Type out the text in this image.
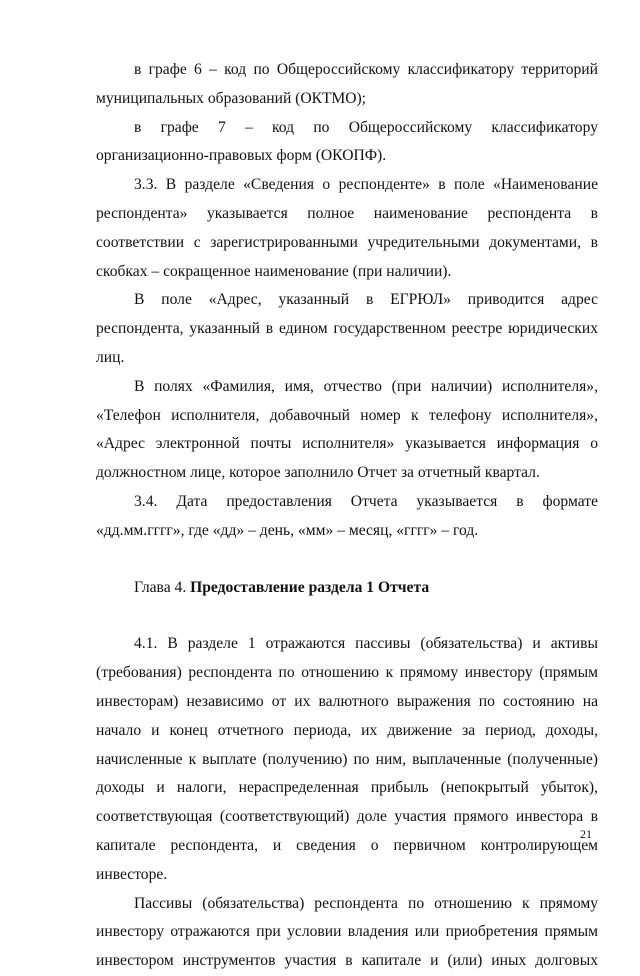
в графе 6 – код по Общероссийскому классификатору территорий муниципальных образований (ОКТМО);

в графе 7 – код по Общероссийскому классификатору организационно-правовых форм (ОКОПФ).

3.3. В разделе «Сведения о респонденте» в поле «Наименование респондента» указывается полное наименование респондента в соответствии с зарегистрированными учредительными документами, в скобках – сокращенное наименование (при наличии).

В поле «Адрес, указанный в ЕГРЮЛ» приводится адрес респондента, указанный в едином государственном реестре юридических лиц.

В полях «Фамилия, имя, отчество (при наличии) исполнителя», «Телефон исполнителя, добавочный номер к телефону исполнителя», «Адрес электронной почты исполнителя» указывается информация о должностном лице, которое заполнило Отчет за отчетный квартал.

3.4. Дата предоставления Отчета указывается в формате «дд.мм.гггг», где «дд» – день, «мм» – месяц, «гггг» – год.

Глава 4. Предоставление раздела 1 Отчета

4.1. В разделе 1 отражаются пассивы (обязательства) и активы (требования) респондента по отношению к прямому инвестору (прямым инвесторам) независимо от их валютного выражения по состоянию на начало и конец отчетного периода, их движение за период, доходы, начисленные к выплате (получению) по ним, выплаченные (полученные) доходы и налоги, нераспределенная прибыль (непокрытый убыток), соответствующая (соответствующий) доле участия прямого инвестора в капитале респондента, и сведения о первичном контролирующем инвесторе.

Пассивы (обязательства) респондента по отношению к прямому инвестору отражаются при условии владения или приобретения прямым инвестором инструментов участия в капитале и (или) иных долговых

21
